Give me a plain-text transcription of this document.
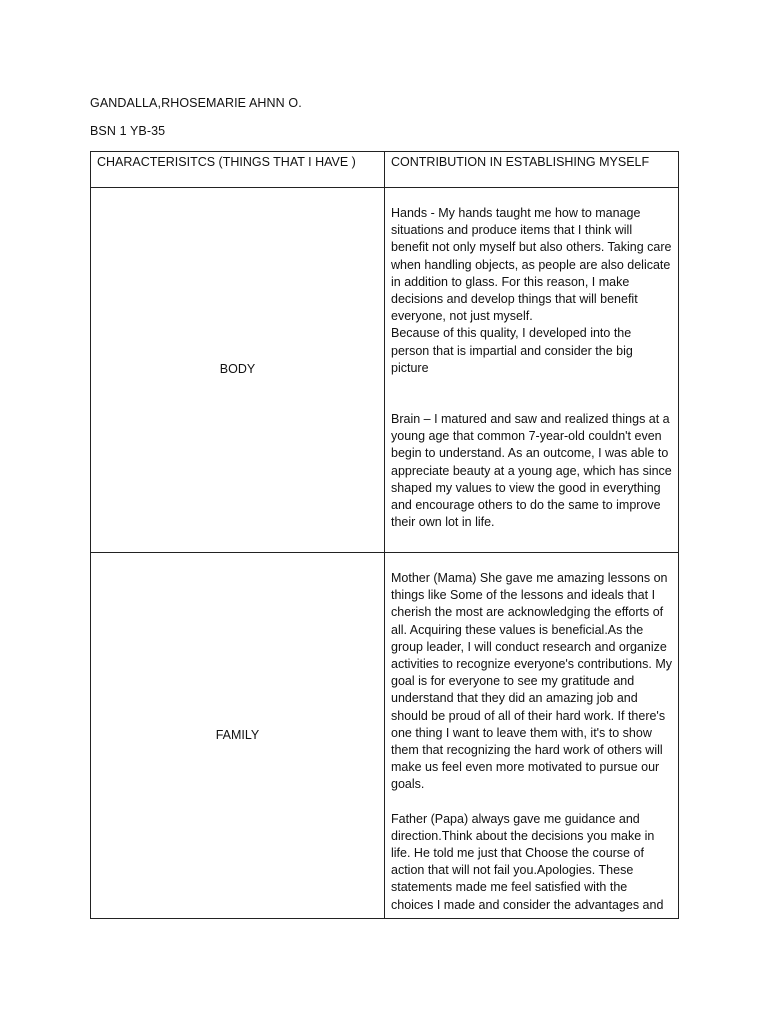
GANDALLA,RHOSEMARIE AHNN O.
BSN 1 YB-35
CHARACTERISITCS (THINGS THAT I HAVE )	CONTRIBUTION IN ESTABLISHING MYSELF

BODY	Hands - My hands taught me how to manage situations and produce items that I think will benefit not only myself but also others. Taking care when handling objects, as people are also delicate in addition to glass. For this reason, I make decisions and develop things that will benefit everyone, not just myself.

Because of this quality, I developed into the person that is impartial and consider the big picture

Brain – I matured and saw and realized things at a young age that common 7-year-old couldn't even begin to understand. As an outcome, I was able to appreciate beauty at a young age, which has since shaped my values to view the good in everything and encourage others to do the same to improve their own lot in life.

FAMILY	Mother (Mama) She gave me amazing lessons on things like Some of the lessons and ideals that I cherish the most are acknowledging the efforts of all. Acquiring these values is beneficial.As the group leader, I will conduct research and organize activities to recognize everyone's contributions. My goal is for everyone to see my gratitude and understand that they did an amazing job and should be proud of all of their hard work. If there's one thing I want to leave them with, it's to show them that recognizing the hard work of others will make us feel even more motivated to pursue our goals.

Father (Papa) always gave me guidance and direction.Think about the decisions you make in life. He told me just that Choose the course of action that will not fail you.Apologies. These statements made me feel satisfied with the choices I made and consider the advantages and
